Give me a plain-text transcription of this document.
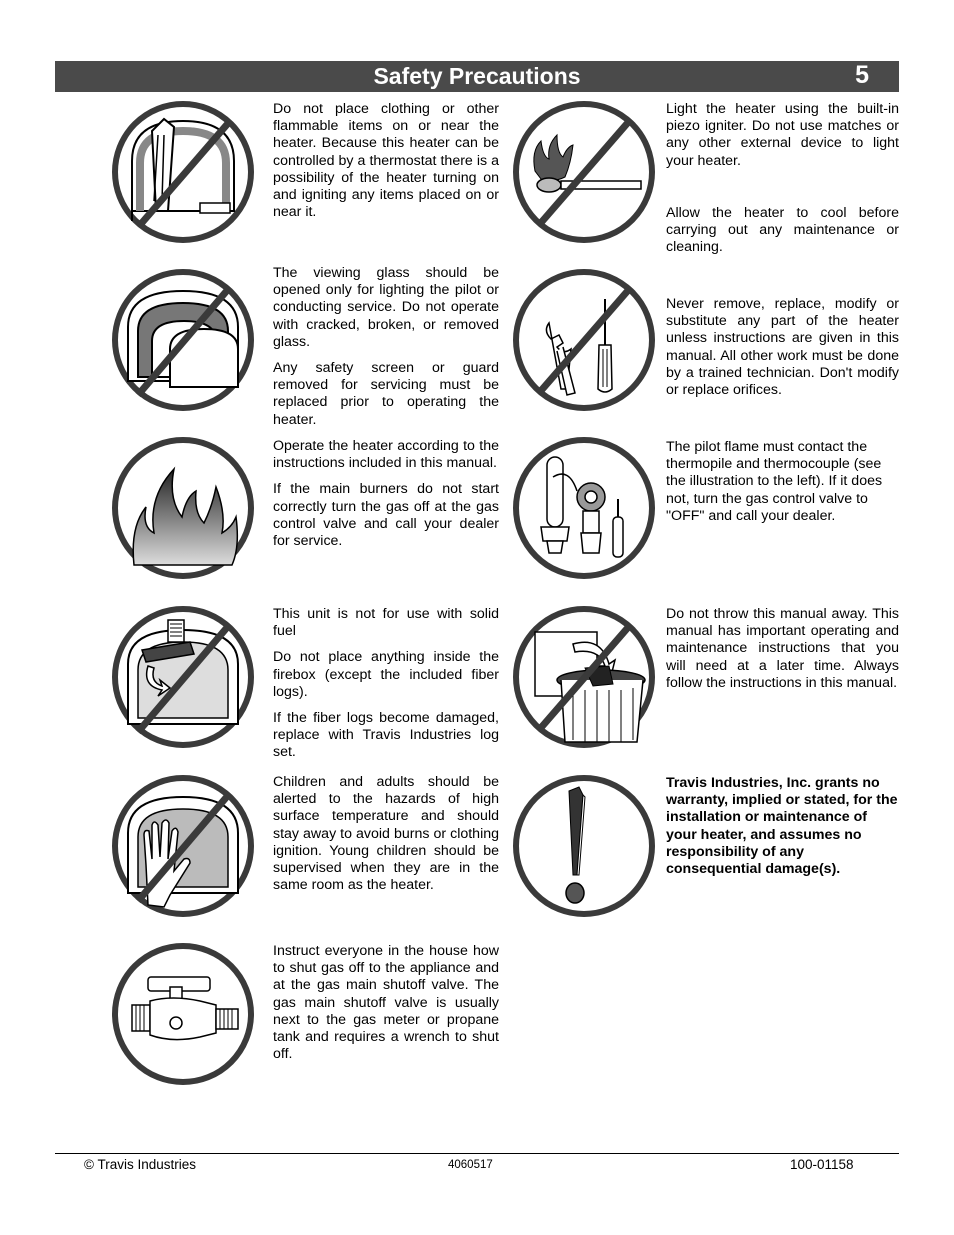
Safety Precautions	5

Do not place clothing or other flammable items on or near the heater. Because this heater can be controlled by a thermostat there is a possibility of the heater turning on and igniting any items placed on or near it.

The viewing glass should be opened only for lighting the pilot or conducting service. Do not operate with cracked, broken, or removed glass.

Any safety screen or guard removed for servicing must be replaced prior to operating the heater.

Operate the heater according to the instructions included in this manual.

If the main burners do not start correctly turn the gas off at the gas control valve and call your dealer for service.

This unit is not for use with solid fuel

Do not place anything inside the firebox (except the included fiber logs).

If the fiber logs become damaged, replace with Travis Industries log set.

Children and adults should be alerted to the hazards of high surface temperature and should stay away to avoid burns or clothing ignition. Young children should be supervised when they are in the same room as the heater.

Instruct everyone in the house how to shut gas off to the appliance and at the gas main shutoff valve. The gas main shutoff valve is usually next to the gas meter or propane tank and requires a wrench to shut off.

Light the heater using the built-in piezo igniter. Do not use matches or any other external device to light your heater.

Allow the heater to cool before carrying out any maintenance or cleaning.

Never remove, replace, modify or substitute any part of the heater unless instructions are given in this manual. All other work must be done by a trained technician. Don't modify or replace orifices.

The pilot flame must contact the thermopile and thermocouple (see the illustration to the left). If it does not, turn the gas control valve to "OFF" and call your dealer.

Do not throw this manual away. This manual has important operating and maintenance instructions that you will need at a later time. Always follow the instructions in this manual.

Travis Industries, Inc. grants no warranty, implied or stated, for the installation or maintenance of your heater, and assumes no responsibility of any consequential damage(s).

© Travis Industries	4060517	100-01158
